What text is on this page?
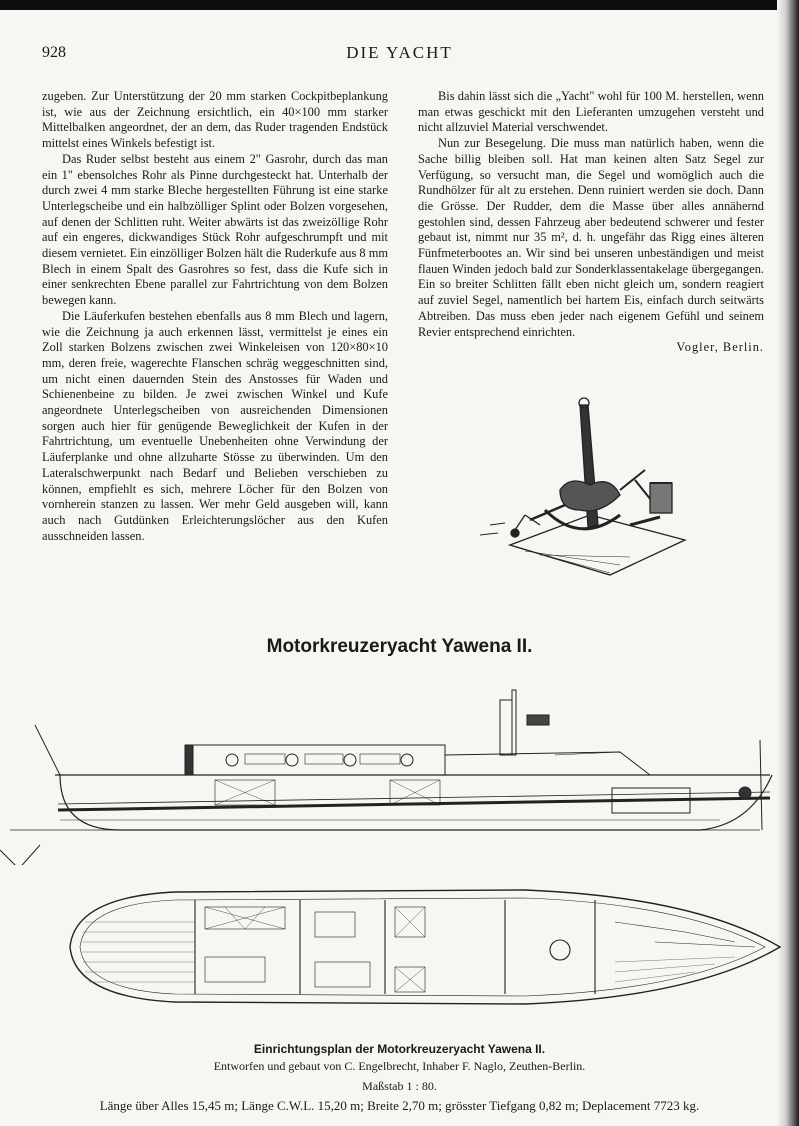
928	DIE YACHT

zugeben. Zur Unterstützung der 20 mm starken Cockpitbeplankung ist, wie aus der Zeichnung ersichtlich, ein 40×100 mm starker Mittelbalken angeordnet, der an dem, das Ruder tragenden Endstück mittelst eines Winkels befestigt ist.

Das Ruder selbst besteht aus einem 2" Gasrohr, durch das man ein 1" ebensolches Rohr als Pinne durchgesteckt hat. Unterhalb der durch zwei 4 mm starke Bleche hergestellten Führung ist eine starke Unterlegscheibe und ein halbzölliger Splint oder Bolzen vorgesehen, auf denen der Schlitten ruht. Weiter abwärts ist das zweizöllige Rohr auf ein engeres, dickwandiges Stück Rohr aufgeschrumpft und mit diesem vernietet. Ein einzölliger Bolzen hält die Ruderkufe aus 8 mm Blech in einem Spalt des Gasrohres so fest, dass die Kufe sich in einer senkrechten Ebene parallel zur Fahrtrichtung von dem Bolzen bewegen kann.

Die Läuferkufen bestehen ebenfalls aus 8 mm Blech und lagern, wie die Zeichnung ja auch erkennen lässt, vermittelst je eines ein Zoll starken Bolzens zwischen zwei Winkeleisen von 120×80×10 mm, deren freie, wagerechte Flanschen schräg weggeschnitten sind, um nicht einen dauernden Stein des Anstosses für Waden und Schienenbeine zu bilden. Je zwei zwischen Winkel und Kufe angeordnete Unterlegscheiben von ausreichenden Dimensionen sorgen auch hier für genügende Beweglichkeit der Kufen in der Fahrtrichtung, um eventuelle Unebenheiten ohne Verwindung der Läuferplanke und ohne allzuharte Stösse zu überwinden. Um den Lateralschwerpunkt nach Bedarf und Belieben verschieben zu können, empfiehlt es sich, mehrere Löcher für den Bolzen von vornherein stanzen zu lassen. Wer mehr Geld ausgeben will, kann auch nach Gutdünken Erleichterungslöcher aus den Kufen ausschneiden lassen.

Bis dahin lässt sich die „Yacht" wohl für 100 M. herstellen, wenn man etwas geschickt mit den Lieferanten umzugehen versteht und nicht allzuviel Material verschwendet.

Nun zur Besegelung. Die muss man natürlich haben, wenn die Sache billig bleiben soll. Hat man keinen alten Satz Segel zur Verfügung, so versucht man, die Segel und womöglich auch die Rundhölzer für alt zu erstehen. Denn ruiniert werden sie doch. Dann die Grösse. Der Rudder, dem die Masse über alles annähernd gestohlen sind, dessen Fahrzeug aber bedeutend schwerer und fester gebaut ist, nimmt nur 35 m², d. h. ungefähr das Rigg eines älteren Fünfmeterbootes an. Wir sind bei unseren unbeständigen und meist flauen Winden jedoch bald zur Sonderklassentakelage übergegangen. Ein so breiter Schlitten fällt eben nicht gleich um, sondern reagiert auf zuviel Segel, namentlich bei hartem Eis, einfach durch seitwärts Abtreiben. Das muss eben jeder nach eigenem Gefühl und seinem Revier entsprechend einrichten.

Vogler, Berlin.

Motorkreuzeryacht Yawena II.
Einrichtungsplan der Motorkreuzeryacht Yawena II.
Entworfen und gebaut von C. Engelbrecht, Inhaber F. Naglo, Zeuthen-Berlin.
Maßstab 1 : 80.
Länge über Alles 15,45 m; Länge C.W.L. 15,20 m; Breite 2,70 m; grösster Tiefgang 0,82 m; Deplacement 7723 kg.
